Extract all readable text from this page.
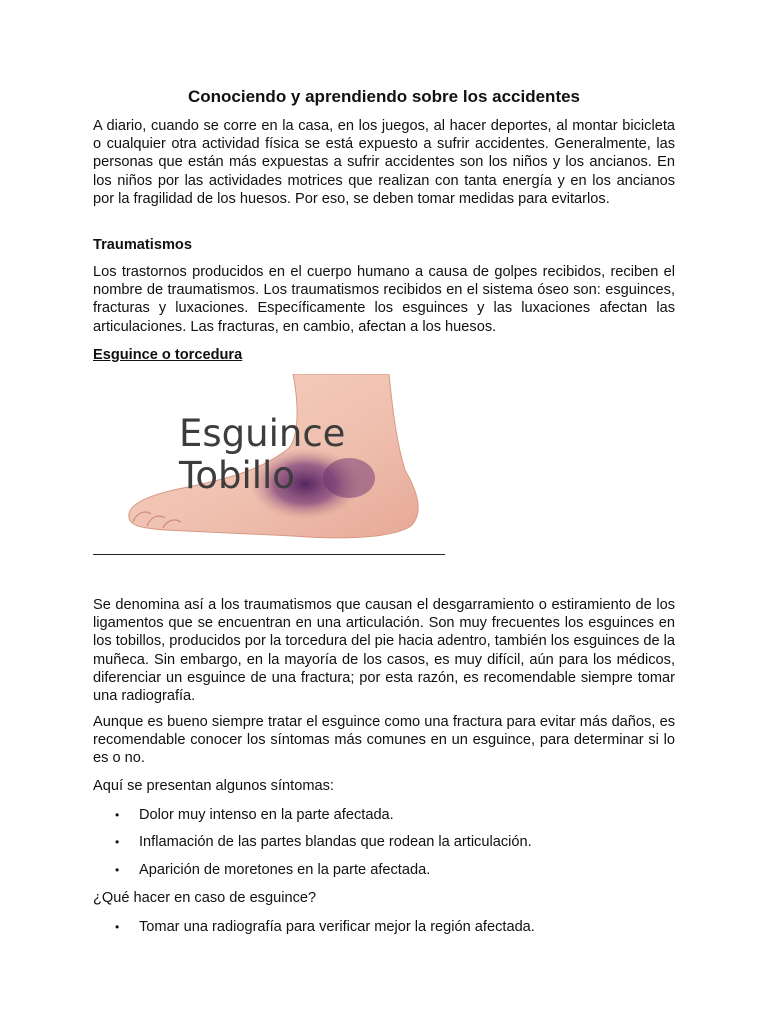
Conociendo y aprendiendo sobre los accidentes

A diario, cuando se corre en la casa, en los juegos, al hacer deportes, al montar bicicleta o cualquier otra actividad física se está expuesto a sufrir accidentes. Generalmente, las personas que están más expuestas a sufrir accidentes son los niños y los ancianos. En los niños por las actividades motrices que realizan con tanta energía y en los ancianos por la fragilidad de los huesos. Por eso, se deben tomar medidas para evitarlos.

Traumatismos

Los trastornos producidos en el cuerpo humano a causa de golpes recibidos, reciben el nombre de traumatismos. Los traumatismos recibidos en el sistema óseo son: esguinces, fracturas y luxaciones. Específicamente los esguinces y las luxaciones afectan las articulaciones. Las fracturas, en cambio, afectan a los huesos.

Esguince o torcedura
Esguince
Tobillo

Se denomina así a los traumatismos que causan el desgarramiento o estiramiento de los ligamentos que se encuentran en una articulación. Son muy frecuentes los esguinces en los tobillos, producidos por la torcedura del pie hacia adentro, también los esguinces de la muñeca. Sin embargo, en la mayoría de los casos, es muy difícil, aún para los médicos, diferenciar un esguince de una fractura; por esta razón, es recomendable siempre tomar una radiografía.

Aunque es bueno siempre tratar el esguince como una fractura para evitar más daños, es recomendable conocer los síntomas más comunes en un esguince, para determinar si lo es o no.

Aquí se presentan algunos síntomas:

• Dolor muy intenso en la parte afectada.
• Inflamación de las partes blandas que rodean la articulación.
• Aparición de moretones en la parte afectada.

¿Qué hacer en caso de esguince?

• Tomar una radiografía para verificar mejor la región afectada.
